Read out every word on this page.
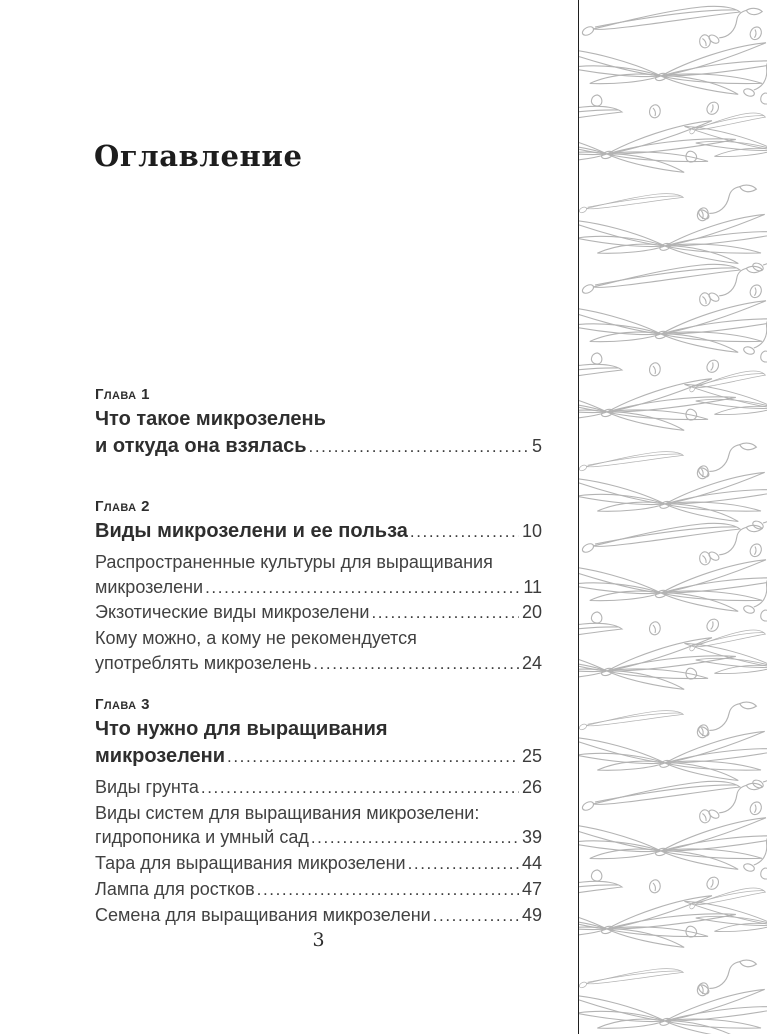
Оглавление
Глава 1
Что такое микрозелень
и откуда она взялась .....	5
Глава 2
Виды микрозелени и ее польза .....	10
Распространенные культуры для выращивания
микрозелени .....	11
Экзотические виды микрозелени .....	20
Кому можно, а кому не рекомендуется
употреблять микрозелень .....	24
Глава 3
Что нужно для выращивания
микрозелени .....	25
Виды грунта .....	26
Виды систем для выращивания микрозелени:
гидропоника и умный сад .....	39
Тара для выращивания микрозелени .....	44
Лампа для ростков .....	47
Семена для выращивания микрозелени .....	49
3
